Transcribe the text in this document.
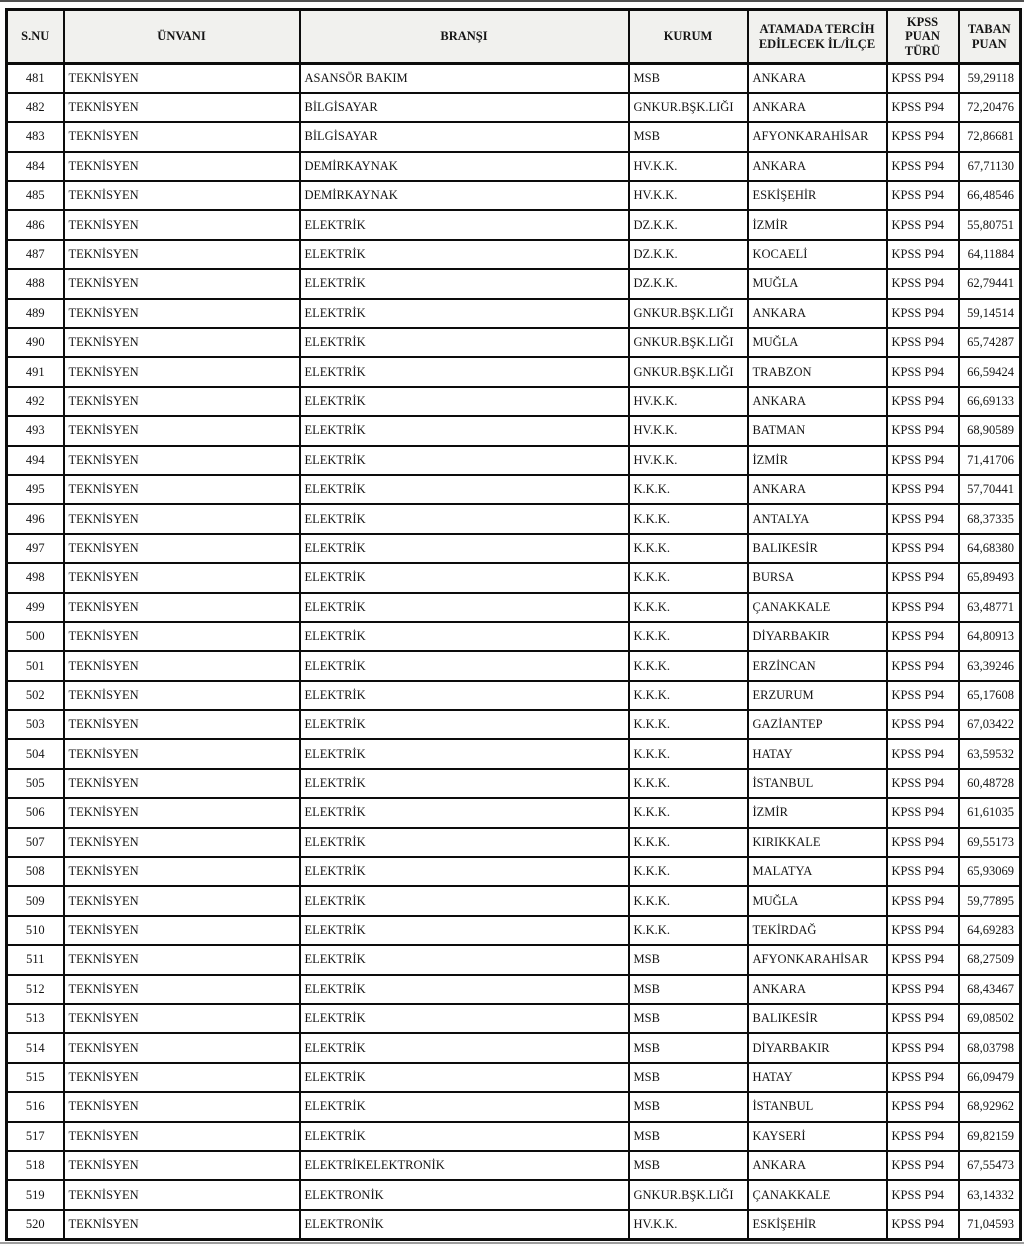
S.NU	ÜNVANI	BRANŞI	KURUM	ATAMADA TERCİH EDİLECEK İL/İLÇE	KPSS PUAN TÜRÜ	TABAN PUAN
481	TEKNİSYEN	ASANSÖR BAKIM	MSB	ANKARA	KPSS P94	59,29118
482	TEKNİSYEN	BİLGİSAYAR	GNKUR.BŞK.LIĞI	ANKARA	KPSS P94	72,20476
483	TEKNİSYEN	BİLGİSAYAR	MSB	AFYONKARAHİSAR	KPSS P94	72,86681
484	TEKNİSYEN	DEMİRKAYNAK	HV.K.K.	ANKARA	KPSS P94	67,71130
485	TEKNİSYEN	DEMİRKAYNAK	HV.K.K.	ESKİŞEHİR	KPSS P94	66,48546
486	TEKNİSYEN	ELEKTRİK	DZ.K.K.	İZMİR	KPSS P94	55,80751
487	TEKNİSYEN	ELEKTRİK	DZ.K.K.	KOCAELİ	KPSS P94	64,11884
488	TEKNİSYEN	ELEKTRİK	DZ.K.K.	MUĞLA	KPSS P94	62,79441
489	TEKNİSYEN	ELEKTRİK	GNKUR.BŞK.LIĞI	ANKARA	KPSS P94	59,14514
490	TEKNİSYEN	ELEKTRİK	GNKUR.BŞK.LIĞI	MUĞLA	KPSS P94	65,74287
491	TEKNİSYEN	ELEKTRİK	GNKUR.BŞK.LIĞI	TRABZON	KPSS P94	66,59424
492	TEKNİSYEN	ELEKTRİK	HV.K.K.	ANKARA	KPSS P94	66,69133
493	TEKNİSYEN	ELEKTRİK	HV.K.K.	BATMAN	KPSS P94	68,90589
494	TEKNİSYEN	ELEKTRİK	HV.K.K.	İZMİR	KPSS P94	71,41706
495	TEKNİSYEN	ELEKTRİK	K.K.K.	ANKARA	KPSS P94	57,70441
496	TEKNİSYEN	ELEKTRİK	K.K.K.	ANTALYA	KPSS P94	68,37335
497	TEKNİSYEN	ELEKTRİK	K.K.K.	BALIKESİR	KPSS P94	64,68380
498	TEKNİSYEN	ELEKTRİK	K.K.K.	BURSA	KPSS P94	65,89493
499	TEKNİSYEN	ELEKTRİK	K.K.K.	ÇANAKKALE	KPSS P94	63,48771
500	TEKNİSYEN	ELEKTRİK	K.K.K.	DİYARBAKIR	KPSS P94	64,80913
501	TEKNİSYEN	ELEKTRİK	K.K.K.	ERZİNCAN	KPSS P94	63,39246
502	TEKNİSYEN	ELEKTRİK	K.K.K.	ERZURUM	KPSS P94	65,17608
503	TEKNİSYEN	ELEKTRİK	K.K.K.	GAZİANTEP	KPSS P94	67,03422
504	TEKNİSYEN	ELEKTRİK	K.K.K.	HATAY	KPSS P94	63,59532
505	TEKNİSYEN	ELEKTRİK	K.K.K.	İSTANBUL	KPSS P94	60,48728
506	TEKNİSYEN	ELEKTRİK	K.K.K.	İZMİR	KPSS P94	61,61035
507	TEKNİSYEN	ELEKTRİK	K.K.K.	KIRIKKALE	KPSS P94	69,55173
508	TEKNİSYEN	ELEKTRİK	K.K.K.	MALATYA	KPSS P94	65,93069
509	TEKNİSYEN	ELEKTRİK	K.K.K.	MUĞLA	KPSS P94	59,77895
510	TEKNİSYEN	ELEKTRİK	K.K.K.	TEKİRDAĞ	KPSS P94	64,69283
511	TEKNİSYEN	ELEKTRİK	MSB	AFYONKARAHİSAR	KPSS P94	68,27509
512	TEKNİSYEN	ELEKTRİK	MSB	ANKARA	KPSS P94	68,43467
513	TEKNİSYEN	ELEKTRİK	MSB	BALIKESİR	KPSS P94	69,08502
514	TEKNİSYEN	ELEKTRİK	MSB	DİYARBAKIR	KPSS P94	68,03798
515	TEKNİSYEN	ELEKTRİK	MSB	HATAY	KPSS P94	66,09479
516	TEKNİSYEN	ELEKTRİK	MSB	İSTANBUL	KPSS P94	68,92962
517	TEKNİSYEN	ELEKTRİK	MSB	KAYSERİ	KPSS P94	69,82159
518	TEKNİSYEN	ELEKTRİKELEKTRONİK	MSB	ANKARA	KPSS P94	67,55473
519	TEKNİSYEN	ELEKTRONİK	GNKUR.BŞK.LIĞI	ÇANAKKALE	KPSS P94	63,14332
520	TEKNİSYEN	ELEKTRONİK	HV.K.K.	ESKİŞEHİR	KPSS P94	71,04593
